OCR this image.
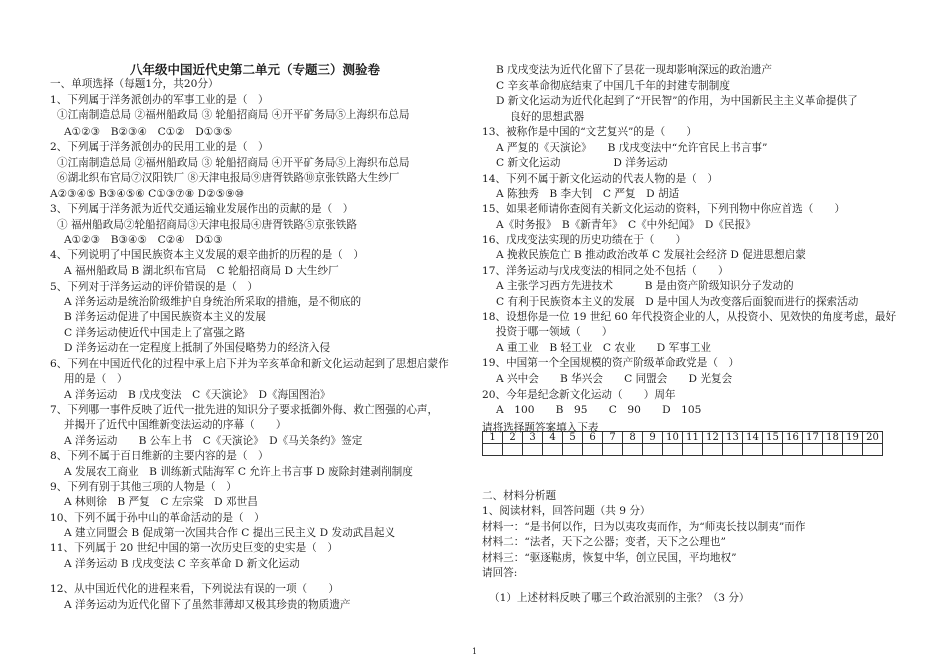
八年级中国近代史第二单元（专题三）测验卷
一、单项选择（每题1分，共20分）
1、下列属于洋务派创办的军事工业的是（　）
①江南制造总局 ②福州船政局 ③ 轮船招商局 ④开平矿务局⑤上海织布总局
A①②③　B②③④　C①②　D①③⑤
2、下列属于洋务派创办的民用工业的是（　）
①江南制造总局 ②福州船政局 ③ 轮船招商局 ④开平矿务局⑤上海织布总局
⑥湖北织布官局⑦汉阳铁厂 ⑧天津电报局⑨唐胥铁路⑩京张铁路大生纱厂
A②③④⑤ B③④⑤⑥ C①③⑦⑧ D②⑤⑨⑩
3、下列属于洋务派为近代交通运输业发展作出的贡献的是（　）
① 福州船政局②轮船招商局③天津电报局④唐胥铁路⑤京张铁路
A①②③　B③④⑤　C②④　D①③
4、下列说明了中国民族资本主义发展的艰辛曲折的历程的是（　）
A 福州船政局 B 湖北织布官局　C 轮船招商局 D 大生纱厂
5、下列对于洋务运动的评价错误的是（　）
A 洋务运动是统治阶级维护自身统治所采取的措施，是不彻底的
B 洋务运动促进了中国民族资本主义的发展
C 洋务运动使近代中国走上了富强之路
D 洋务运动在一定程度上抵制了外国侵略势力的经济入侵
6、下列在中国近代化的过程中承上启下并为辛亥革命和新文化运动起到了思想启蒙作
用的是（　）
A 洋务运动　B 戊戌变法　C《天演论》　D《海国图治》
7、下列哪一事件反映了近代一批先进的知识分子要求抵御外侮、救亡图强的心声，
并揭开了近代中国维新变法运动的序幕（　　）
A 洋务运动　　B 公车上书　C《天演论》　D《马关条约》签定
8、下列不属于百日维新的主要内容的是（　）
A 发展农工商业　B 训练新式陆海军 C 允许上书言事 D 废除封建剥削制度
9、下列有别于其他三项的人物是（　）
A 林则徐　B 严复　C 左宗棠　D 邓世昌
10、下列不属于孙中山的革命活动的是（　）
A 建立同盟会 B 促成第一次国共合作 C 提出三民主义 D 发动武昌起义
11、下列属于 20 世纪中国的第一次历史巨变的史实是（　）
A 洋务运动 B 戊戌变法 C 辛亥革命 D 新文化运动
12、从中国近代化的进程来看，下列说法有误的一项（　　）
A 洋务运动为近代化留下了虽然菲薄却又极其珍贵的物质遗产
B 戊戌变法为近代化留下了昙花一现却影响深远的政治遗产
C 辛亥革命彻底结束了中国几千年的封建专制制度
D 新文化运动为近代化起到了“开民智”的作用，为中国新民主主义革命提供了
良好的思想武器
13、被称作是中国的“文艺复兴”的是（　　）
A 严复的《天演论》　　B 戊戌变法中“允许官民上书言事”
C 新文化运动　　　　　D 洋务运动
14、下列不属于新文化运动的代表人物的是（　）
A 陈独秀　B 李大钊　C 严复　D 胡适
15、如果老师请你查阅有关新文化运动的资料，下列刊物中你应首选（　　）
A《时务报》　B《新青年》　C《中外纪闻》　D《民报》
16、戊戌变法实现的历史功绩在于（　　）
A 挽救民族危亡 B 推动政治改革 C 发展社会经济 D 促进思想启蒙
17、洋务运动与戊戌变法的相同之处不包括（　　）
A 主张学习西方先进技术　　　B 是由资产阶级知识分子发动的
C 有利于民族资本主义的发展　D 是中国人为改变落后面貌而进行的探索活动
18、设想你是一位 19 世纪 60 年代投资企业的人，从投资小、见效快的角度考虑，最好
投资于哪一领域（　　）
A 重工业　B 轻工业　C 农业　　D 军事工业
19、中国第一个全国规模的资产阶级革命政党是（　）
A 兴中会　　B 华兴会　　C 同盟会　　D 光复会
20、今年是纪念新文化运动（　　）周年
A　100　　B　95　　C　90　　D　105
请将选择题答案填入下表
二、材料分析题
1、阅读材料，回答问题（共 9 分）
材料一：“是书何以作，曰为以夷攻夷而作，为“师夷长技以制夷”而作
材料二：“法者，天下之公器；变者，天下之公理也”
材料三：“驱逐鞑虏，恢复中华，创立民国，平均地权”
请回答:
（1）上述材料反映了哪三个政治派别的主张？（3 分）
1	2	3	4	5	6	7	8	9	10	11	12	13	14	15	16	17	18	19	20

1
